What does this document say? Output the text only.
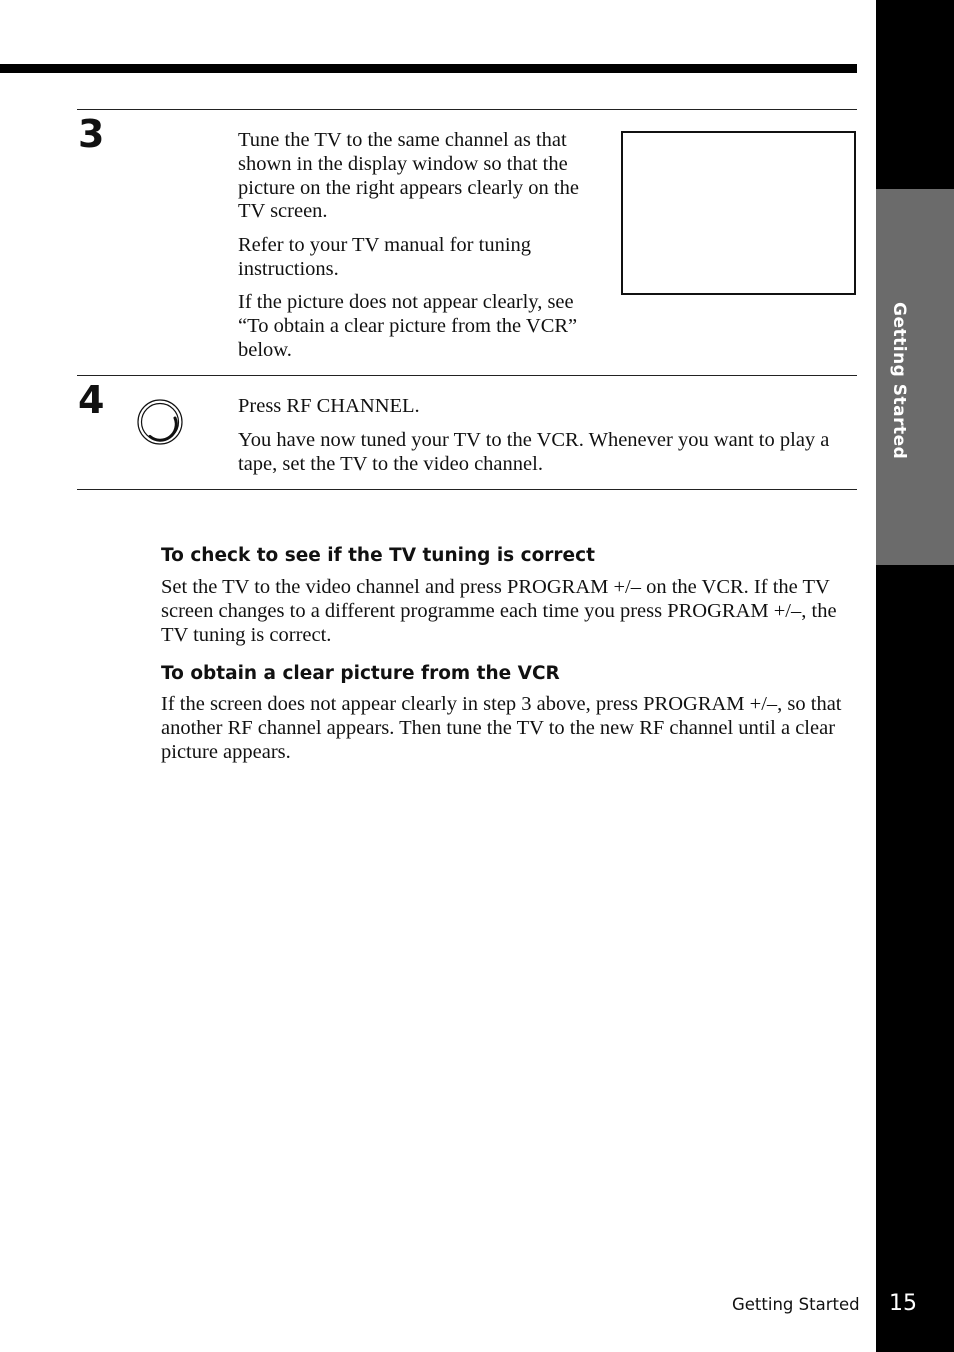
Getting Started
3	Tune the TV to the same channel as that shown in the display window so that the picture on the right appears clearly on the TV screen.

Refer to your TV manual for tuning instructions.

If the picture does not appear clearly, see “To obtain a clear picture from the VCR” below.

4	Press RF CHANNEL.

You have now tuned your TV to the VCR. Whenever you want to play a tape, set the TV to the video channel.

To check to see if the TV tuning is correct

Set the TV to the video channel and press PROGRAM +/– on the VCR. If the TV screen changes to a different programme each time you press PROGRAM +/–, the TV tuning is correct.

To obtain a clear picture from the VCR

If the screen does not appear clearly in step 3 above, press PROGRAM +/–, so that another RF channel appears. Then tune the TV to the new RF channel until a clear picture appears.

Getting Started 15
